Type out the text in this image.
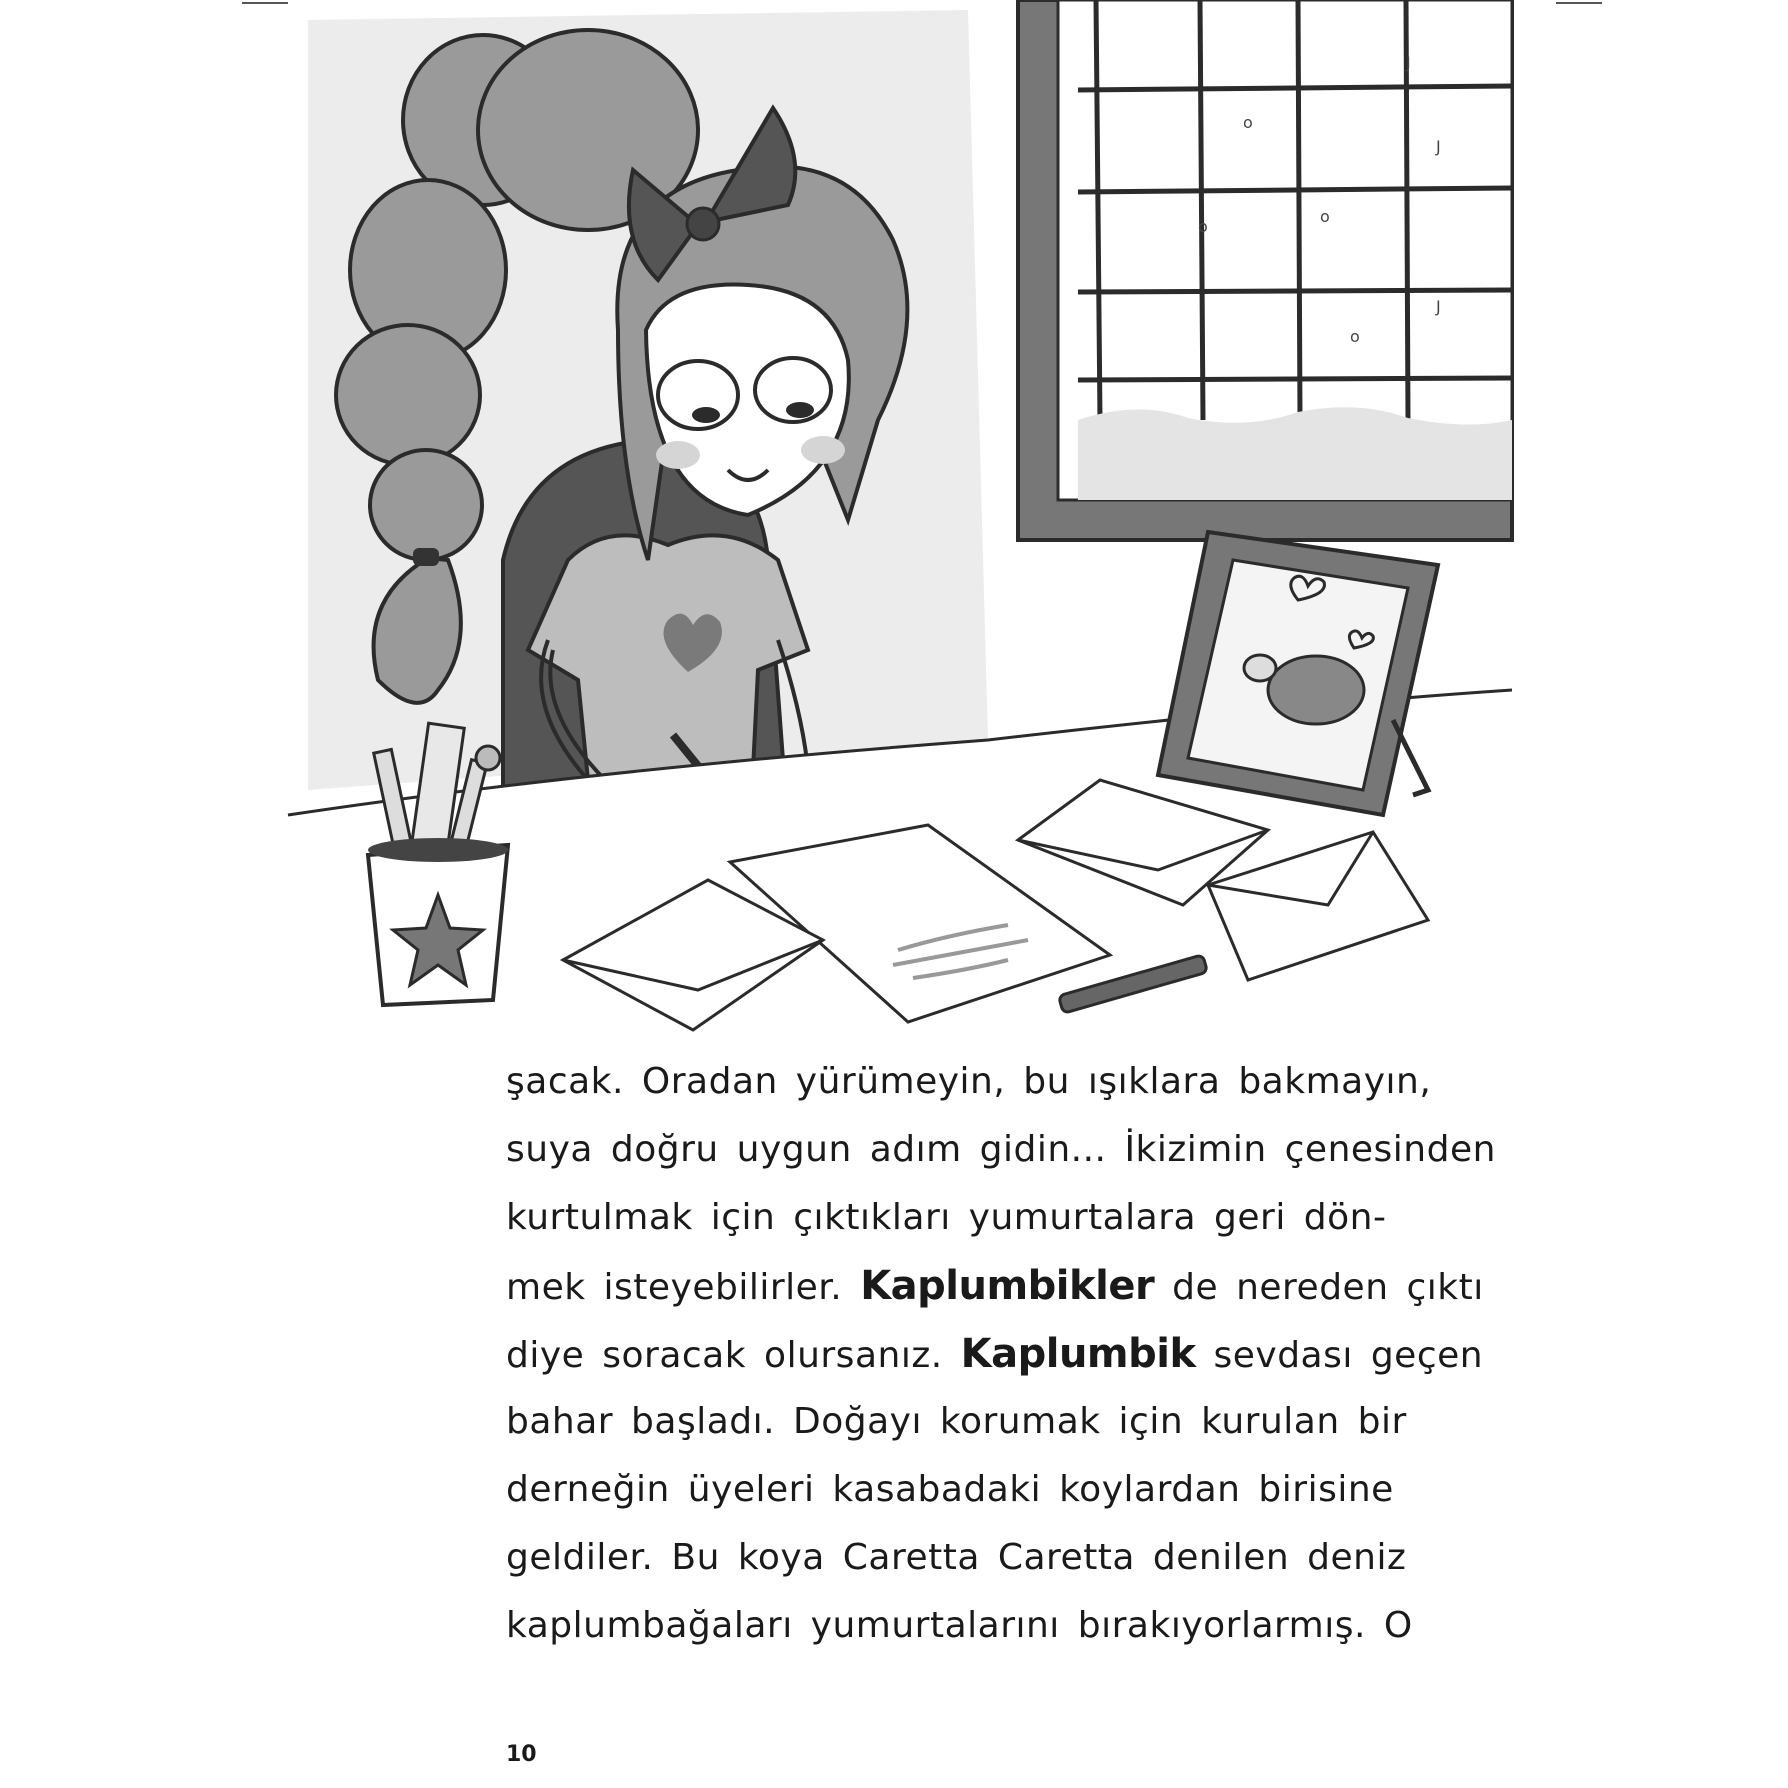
o
o
o
J
J
o
J
şacak. Oradan yürümeyin, bu ışıklara bakmayın,
suya doğru uygun adım gidin... İkizimin çenesinden
kurtulmak için çıktıkları yumurtalara geri dön-
mek isteyebilirler. Kaplumbikler de nereden çıktı
diye soracak olursanız. Kaplumbik sevdası geçen
bahar başladı. Doğayı korumak için kurulan bir
derneğin üyeleri kasabadaki koylardan birisine
geldiler. Bu koya Caretta Caretta denilen deniz
kaplumbağaları yumurtalarını bırakıyorlarmış. O
10
